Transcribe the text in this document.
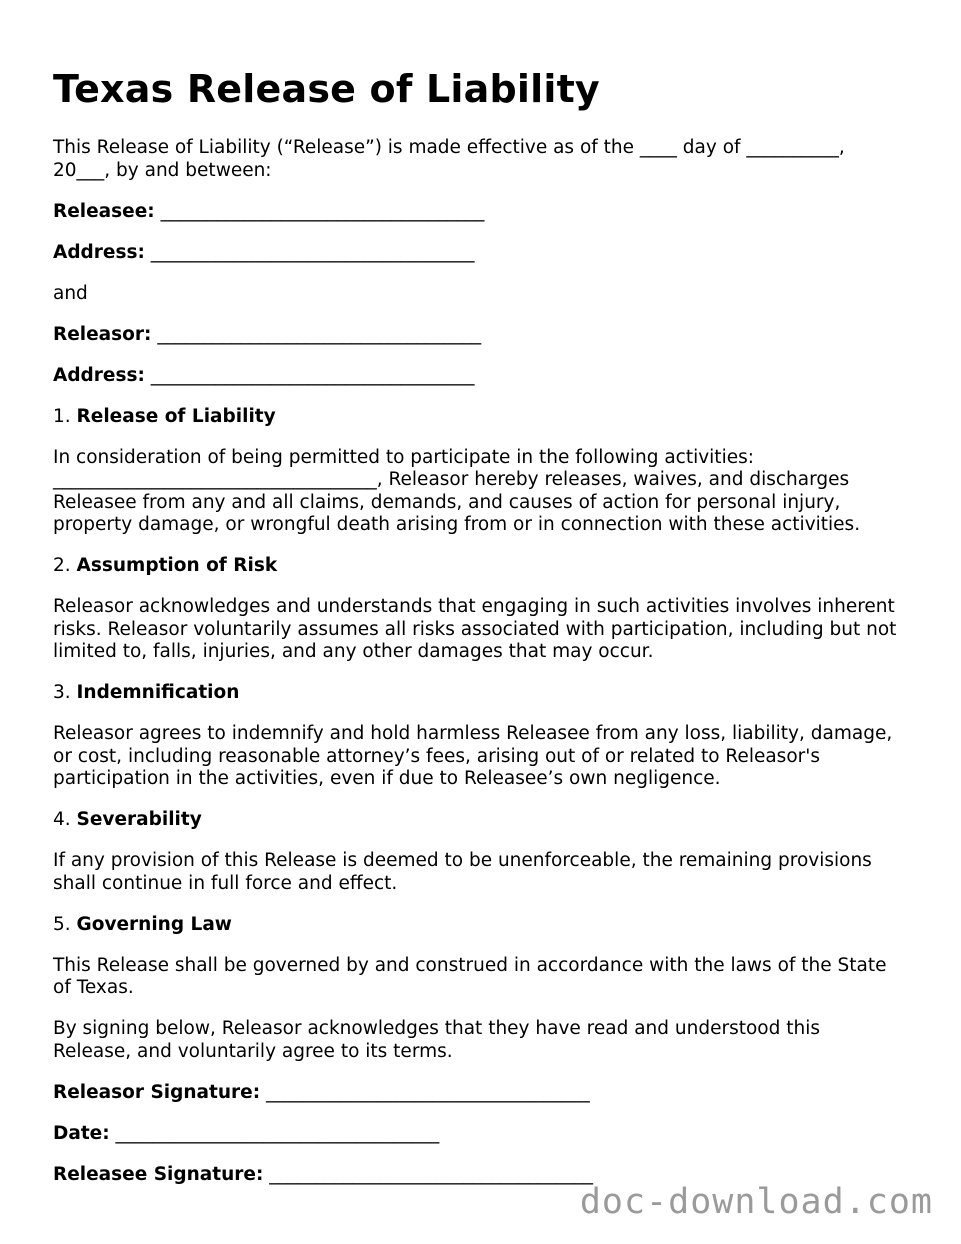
Texas Release of Liability

This Release of Liability (“Release”) is made effective as of the ____ day of __________,
20___, by and between:

Releasee: ___________________________________

Address: ___________________________________

and

Releasor: ___________________________________

Address: ___________________________________

1. Release of Liability

In consideration of being permitted to participate in the following activities:
___________________________________, Releasor hereby releases, waives, and discharges
Releasee from any and all claims, demands, and causes of action for personal injury,
property damage, or wrongful death arising from or in connection with these activities.

2. Assumption of Risk

Releasor acknowledges and understands that engaging in such activities involves inherent
risks. Releasor voluntarily assumes all risks associated with participation, including but not
limited to, falls, injuries, and any other damages that may occur.

3. Indemnification

Releasor agrees to indemnify and hold harmless Releasee from any loss, liability, damage,
or cost, including reasonable attorney’s fees, arising out of or related to Releasor's
participation in the activities, even if due to Releasee’s own negligence.

4. Severability

If any provision of this Release is deemed to be unenforceable, the remaining provisions
shall continue in full force and effect.

5. Governing Law

This Release shall be governed by and construed in accordance with the laws of the State
of Texas.

By signing below, Releasor acknowledges that they have read and understood this
Release, and voluntarily agree to its terms.

Releasor Signature: ___________________________________

Date: ___________________________________

Releasee Signature: ___________________________________

doc-download.com
